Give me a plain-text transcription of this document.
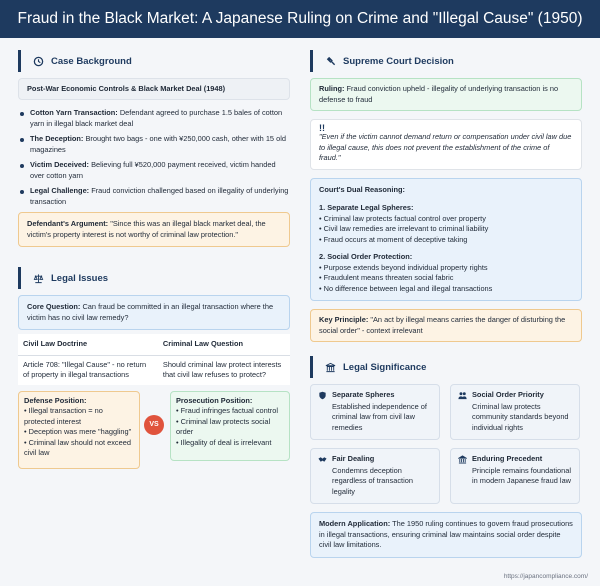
Fraud in the Black Market: A Japanese Ruling on Crime and "Illegal Cause" (1950)
Case Background
Post-War Economic Controls & Black Market Deal (1948)
Cotton Yarn Transaction: Defendant agreed to purchase 1.5 bales of cotton yarn in illegal black market deal
The Deception: Brought two bags - one with ¥250,000 cash, other with 15 old magazines
Victim Deceived: Believing full ¥520,000 payment received, victim handed over cotton yarn
Legal Challenge: Fraud conviction challenged based on illegality of underlying transaction
Defendant's Argument: "Since this was an illegal black market deal, the victim's property interest is not worthy of criminal law protection."
Legal Issues
Core Question: Can fraud be committed in an illegal transaction where the victim has no civil law remedy?
Civil Law Doctrine	Criminal Law Question
Article 708: "Illegal Cause" - no return of property in illegal transactions	Should criminal law protect interests that civil law refuses to protect?
Defense Position:
• Illegal transaction = no protected interest
• Deception was mere "haggling"
• Criminal law should not exceed civil law
VS
Prosecution Position:
• Fraud infringes factual control
• Criminal law protects social order
• Illegality of deal is irrelevant
Supreme Court Decision
Ruling: Fraud conviction upheld - illegality of underlying transaction is no defense to fraud
!!
"Even if the victim cannot demand return or compensation under civil law due to illegal cause, this does not prevent the establishment of the crime of fraud."
Court's Dual Reasoning:
1. Separate Legal Spheres:
• Criminal law protects factual control over property
• Civil law remedies are irrelevant to criminal liability
• Fraud occurs at moment of deceptive taking
2. Social Order Protection:
• Purpose extends beyond individual property rights
• Fraudulent means threaten social fabric
• No difference between legal and illegal transactions
Key Principle: "An act by illegal means carries the danger of disturbing the social order" - context irrelevant
Legal Significance
Separate Spheres
Established independence of criminal law from civil law remedies
Social Order Priority
Criminal law protects community standards beyond individual rights
Fair Dealing
Condemns deception regardless of transaction legality
Enduring Precedent
Principle remains foundational in modern Japanese fraud law
Modern Application: The 1950 ruling continues to govern fraud prosecutions in illegal transactions, ensuring criminal law maintains social order despite civil law limitations.
https://japancompliance.com/
